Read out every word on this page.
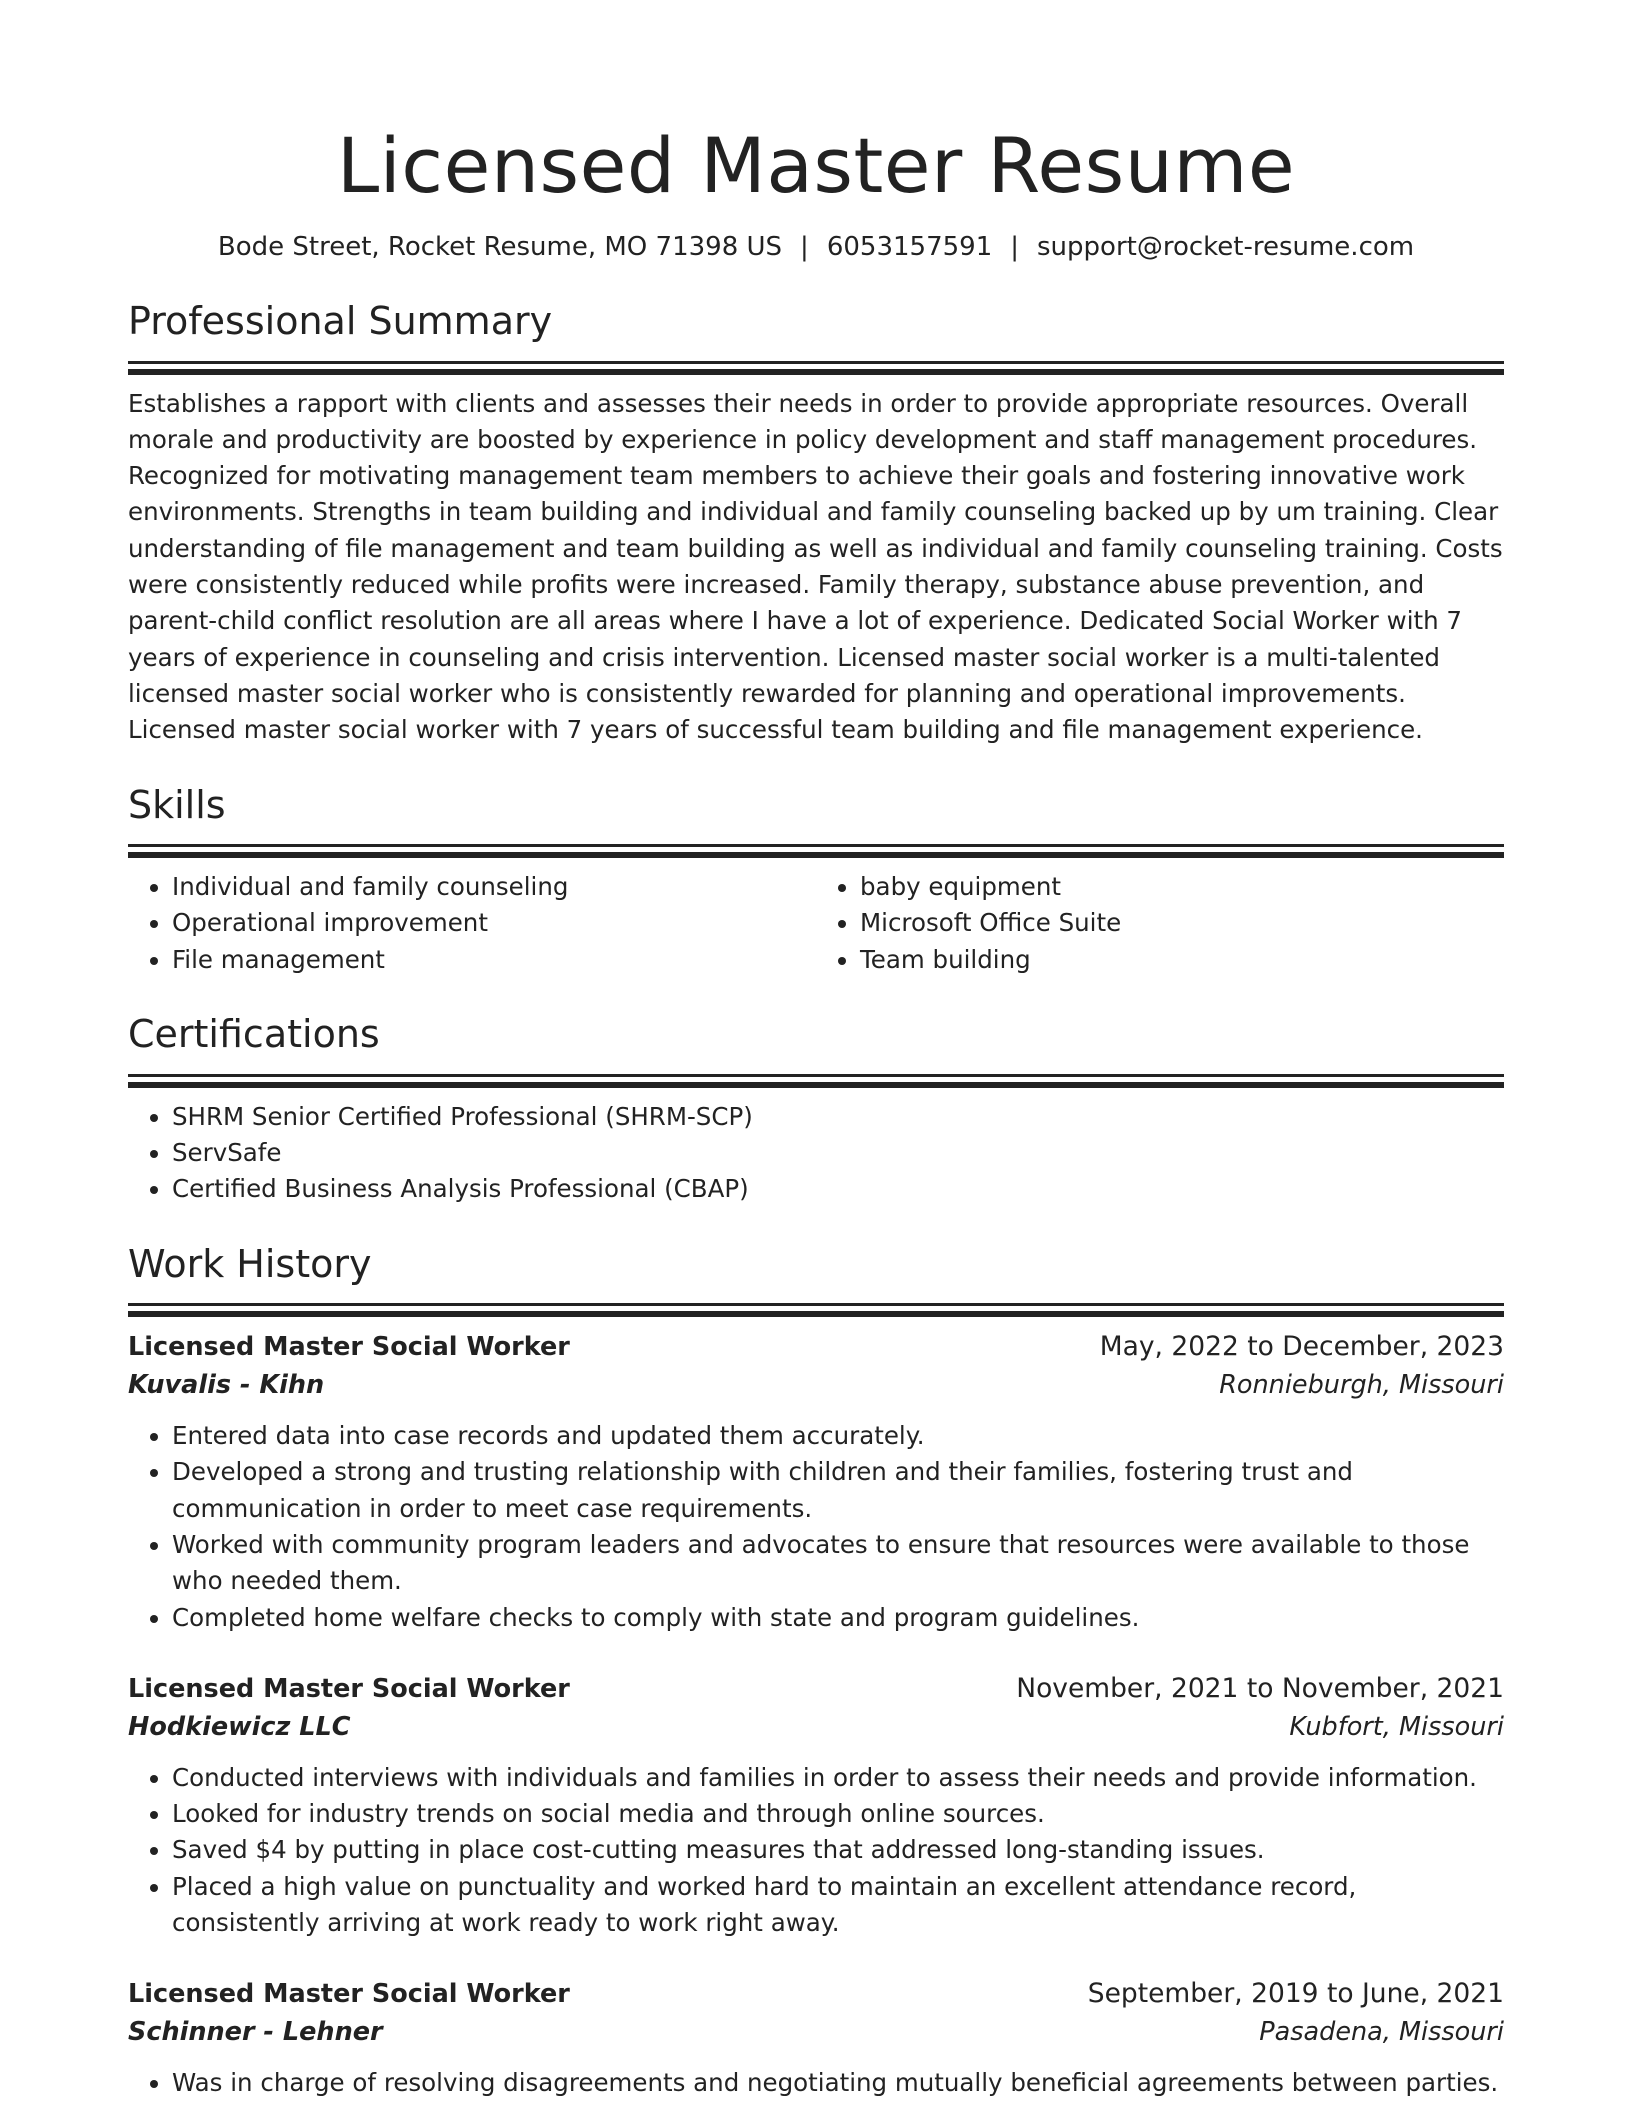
Licensed Master Resume
Bode Street, Rocket Resume, MO 71398 US | 6053157591 | support@rocket-resume.com
Professional Summary

Establishes a rapport with clients and assesses their needs in order to provide appropriate resources. Overall morale and productivity are boosted by experience in policy development and staff management procedures. Recognized for motivating management team members to achieve their goals and fostering innovative work environments. Strengths in team building and individual and family counseling backed up by um training. Clear understanding of file management and team building as well as individual and family counseling training. Costs were consistently reduced while profits were increased. Family therapy, substance abuse prevention, and parent-child conflict resolution are all areas where I have a lot of experience. Dedicated Social Worker with 7 years of experience in counseling and crisis intervention. Licensed master social worker is a multi-talented licensed master social worker who is consistently rewarded for planning and operational improvements. Licensed master social worker with 7 years of successful team building and file management experience.

Skills
• Individual and family counseling
• Operational improvement
• File management
• baby equipment
• Microsoft Office Suite
• Team building
Certifications
• SHRM Senior Certified Professional (SHRM-SCP)
• ServSafe
• Certified Business Analysis Professional (CBAP)
Work History
Licensed Master Social Worker	May, 2022 to December, 2023
Kuvalis - Kihn	Ronnieburgh, Missouri
• Entered data into case records and updated them accurately.
• Developed a strong and trusting relationship with children and their families, fostering trust and communication in order to meet case requirements.
• Worked with community program leaders and advocates to ensure that resources were available to those who needed them.
• Completed home welfare checks to comply with state and program guidelines.
Licensed Master Social Worker	November, 2021 to November, 2021
Hodkiewicz LLC	Kubfort, Missouri
• Conducted interviews with individuals and families in order to assess their needs and provide information.
• Looked for industry trends on social media and through online sources.
• Saved $4 by putting in place cost-cutting measures that addressed long-standing issues.
• Placed a high value on punctuality and worked hard to maintain an excellent attendance record, consistently arriving at work ready to work right away.
Licensed Master Social Worker	September, 2019 to June, 2021
Schinner - Lehner	Pasadena, Missouri
• Was in charge of resolving disagreements and negotiating mutually beneficial agreements between parties.
